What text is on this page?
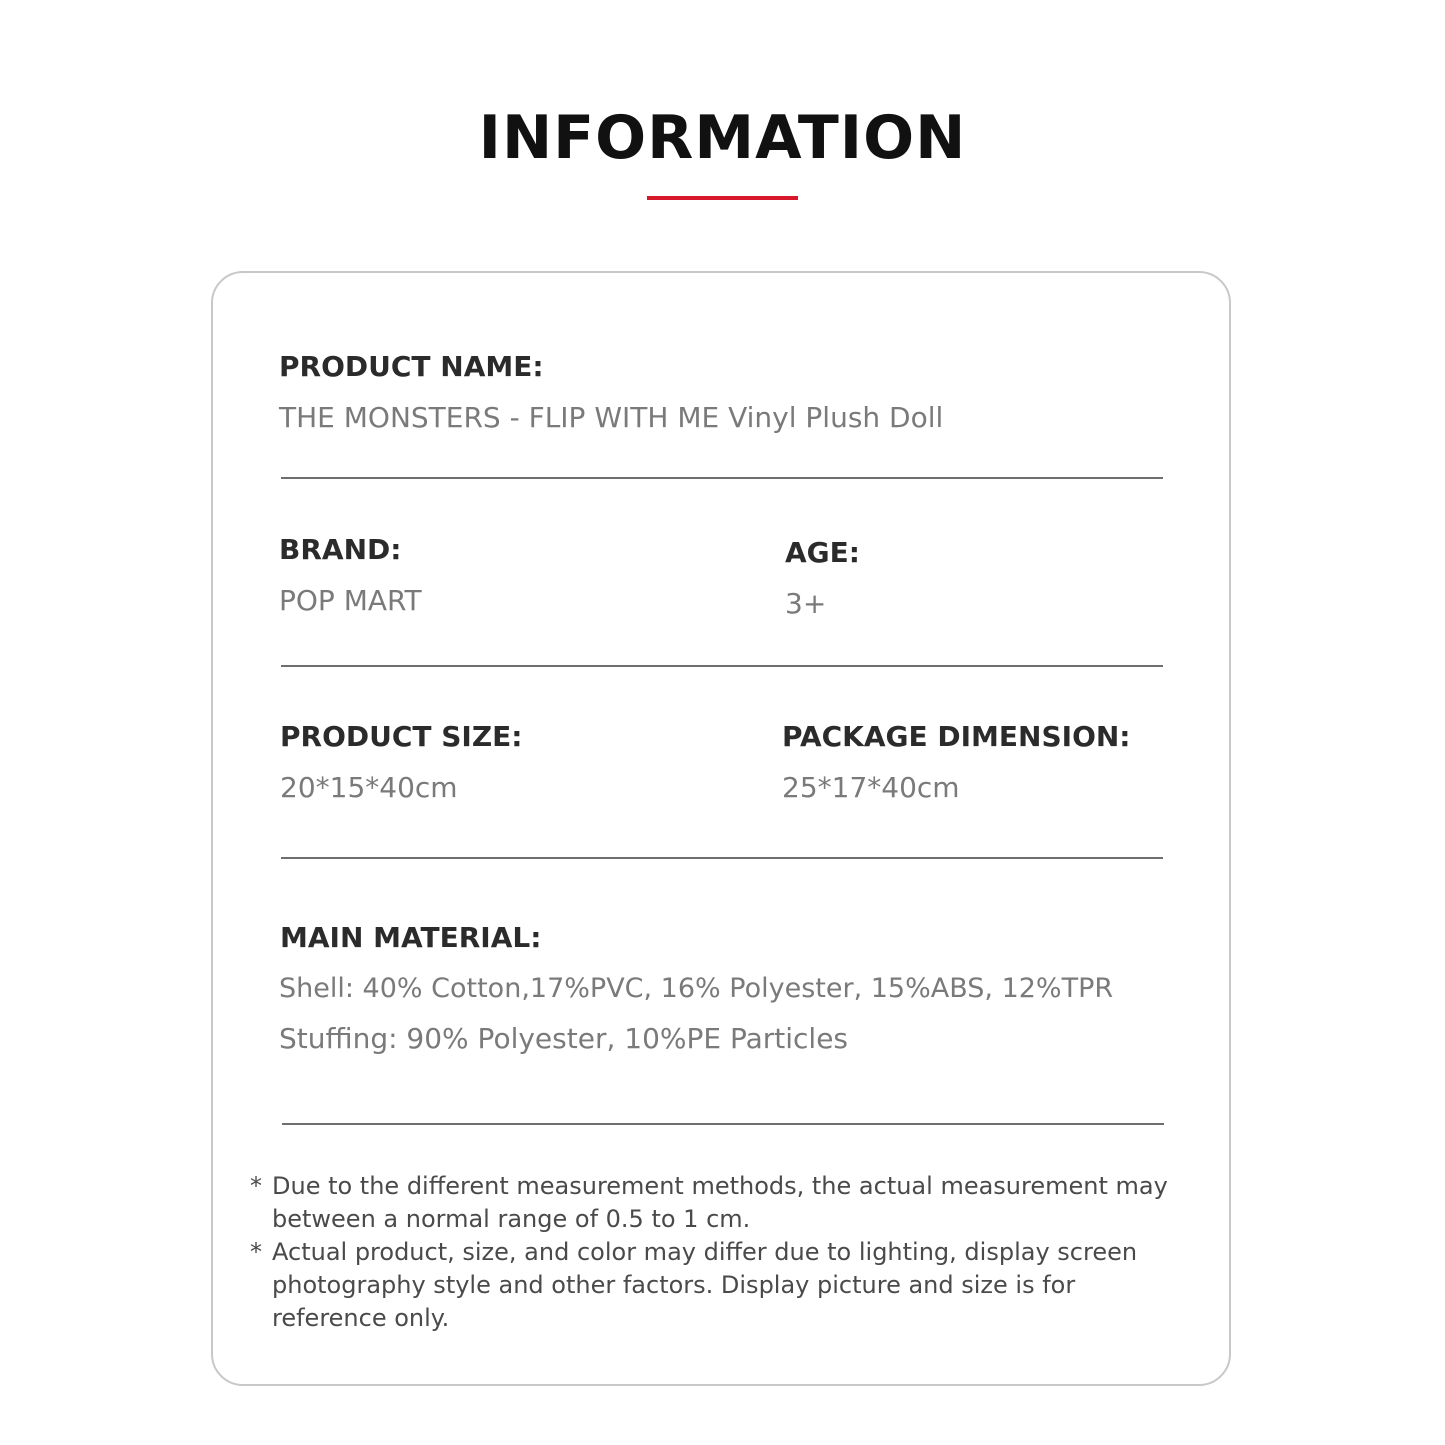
INFORMATION
PRODUCT NAME:
THE MONSTERS - FLIP WITH ME Vinyl Plush Doll
BRAND:
POP MART
AGE:
3+
PRODUCT SIZE:
20*15*40cm
PACKAGE DIMENSION:
25*17*40cm
MAIN MATERIAL:
Shell: 40% Cotton,17%PVC, 16% Polyester, 15%ABS, 12%TPR
Stuffing: 90% Polyester, 10%PE Particles
* Due to the different measurement methods, the actual measurement may between a normal range of 0.5 to 1 cm.
* Actual product, size, and color may differ due to lighting, display screen photography style and other factors. Display picture and size is for reference only.
